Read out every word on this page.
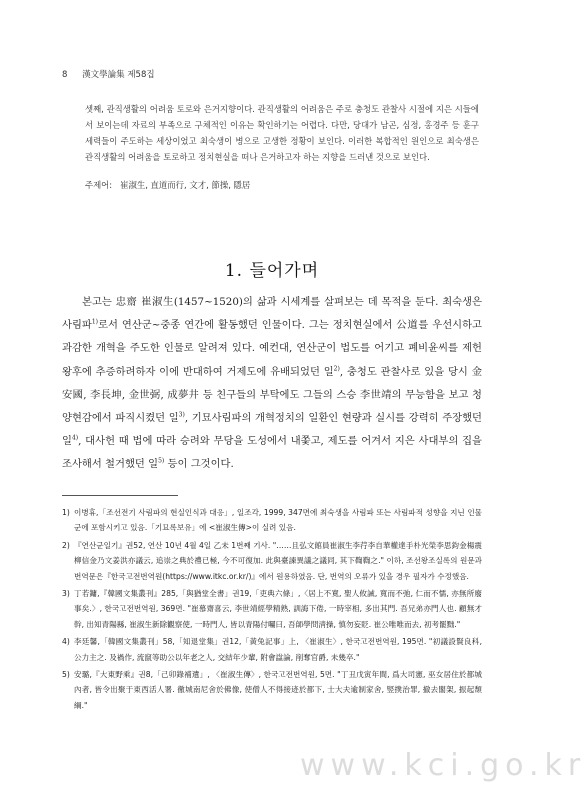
8 漢文學論集 제58집

셋째, 관직생활의 어려움 토로와 은거지향이다. 관직생활의 어려움은 주로 충청도 관찰사 시절에 지은 시들에서 보이는데 자료의 부족으로 구체적인 이유는 확인하기는 어렵다. 다만, 당대가 남곤, 심정, 홍경주 등 훈구세력들이 주도하는 세상이었고 최숙생이 병으로 고생한 정황이 보인다. 이러한 복합적인 원인으로 최숙생은 관직생활의 어려움을 토로하고 정치현실을 떠나 은거하고자 하는 지향을 드러낸 것으로 보인다.

주제어: 崔淑生, 直道而行, 文才, 節操, 隱居

1. 들어가며

본고는 忠齋 崔淑生(1457~1520)의 삶과 시세계를 살펴보는 데 목적을 둔다. 최숙생은 사림파$^{1)}$로서 연산군~중종 연간에 활동했던 인물이다. 그는 정치현실에서 公道를 우선시하고 과감한 개혁을 주도한 인물로 알려져 있다. 예컨대, 연산군이 법도를 어기고 폐비윤씨를 제헌왕후에 추증하려하자 이에 반대하여 거제도에 유배되었던 일$^{2)}$, 충청도 관찰사로 있을 당시 金安國, 李長坤, 金世弼, 成夢井 등 친구들의 부탁에도 그들의 스승 李世靖의 무능함을 보고 청양현감에서 파직시켰던 일$^{3)}$, 기묘사림파의 개혁정치의 일환인 현량과 실시를 강력히 주장했던 일$^{4)}$, 대사헌 때 법에 따라 승려와 무당을 도성에서 내쫓고, 제도를 어겨서 지은 사대부의 집을 조사해서 철거했던 일$^{5)}$ 등이 그것이다.

1) 이병휴,「조선전기 사림파의 현실인식과 대응」, 일조각, 1999, 347면에 최숙생을 사림파 또는 사림파적 성향을 지닌 인물군에 포함시키고 있음.「기묘록보유」에 <崔淑生傳>이 실려 있음.
2) 『연산군일기』권52, 연산 10년 4월 4일 乙未 1번째 기사. "……且弘文館員崔淑生李荇李自華權達手朴光榮李思鈞金楊震柳信金乃文姜洪亦議云, 追崇之典於禮已極, 今不可復加. 此與臺諫異議之議同, 其下鞫鞫之." 이하, 조선왕조실록의 원문과 번역문은『한국고전번역원(https://www.itkc.or.kr/)』에서 원용하였음. 단, 번역의 오류가 있을 경우 필자가 수정했음.
3) 丁若鏞,『韓國文集叢刊』285,「與猶堂全書」권19,「吏典六條」,〈居上不寬, 聖人攸誡, 寬而不弛, 仁而不懦, 亦無所廢事矣.〉, 한국고전번역원, 369면. "崔慕齋喜云, 李世靖經學精熟, 訓誨下倦, 一時宰相, 多出其門. 吾兄弟亦門人也. 顧無才幹, 出知青陽縣, 崔淑生新除觀察使, 一時門人, 皆以青陽付囑曰, 吾師學問淸操, 慎勿妄貶. 崔公唯唯而去, 初考罷黜."
4) 李廷馨,「韓國文集叢刊」58,「知退堂集」권12,「黃兔記事」上, 〈崔淑生〉, 한국고전번역원, 195면. "初議設賢良科, 公力主之. 及禍作, 流竄等助公以年老之人, 交結年少輩, 附會諡論, 削奪官爵, 未幾卒."
5) 安璐,『大東野乘』권8,「己卯錄補遺」, 〈崔淑生傳〉, 한국고전번역원, 5면. "丁丑戊寅年間, 爲大司憲, 巫女居住於都城內者, 皆令出聚于東西活人署. 徹城南尼舍於佛像, 使僧人不得接迹於都下, 士大夫逾制家舍, 竪撲治罪, 撤去閣架, 振起頹綱."
www.kci.go.kr
